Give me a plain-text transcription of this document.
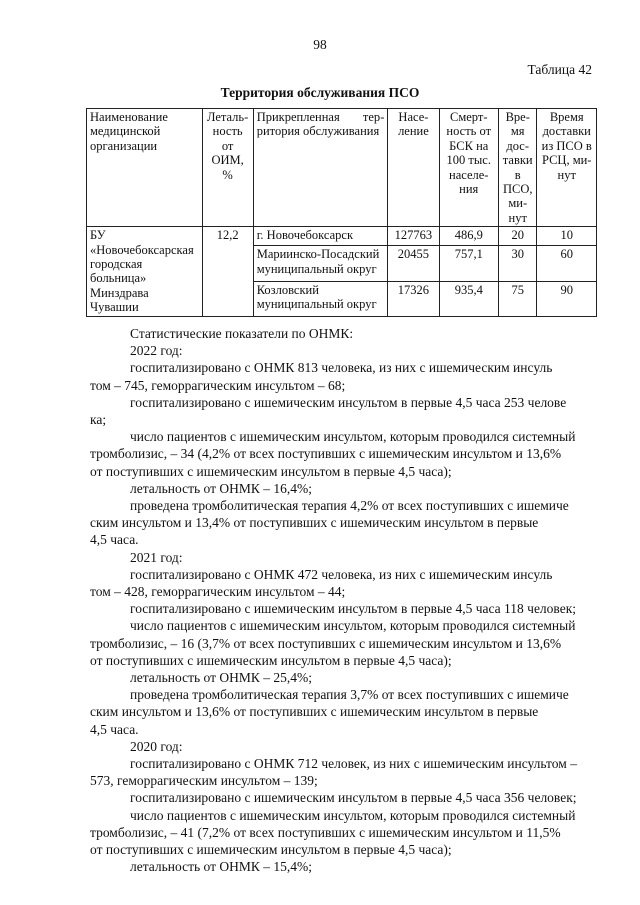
98
Таблица 42
Территория обслуживания ПСО
Наименование медицинской организации	Летальность от ОИМ, %	Прикрепленная территория обслуживания	Население	Смертность от БСК на 100 тыс. населения	Время доставки в ПСО, минут	Время доставки из ПСО в РСЦ, минут
БУ «Новочебоксарская городская больница» Минздрава Чувашии	12,2	г. Новочебоксарск	127763	486,9	20	10
		Мариинско-Посадский муниципальный округ	20455	757,1	30	60
		Козловский муниципальный округ	17326	935,4	75	90

Статистические показатели по ОНМК:

2022 год:

госпитализировано с ОНМК 813 человека, из них с ишемическим инсуль

том – 745, геморрагическим инсультом – 68;

госпитализировано с ишемическим инсультом в первые 4,5 часа 253 челове

ка;

число пациентов с ишемическим инсультом, которым проводился системный

тромболизис, – 34 (4,2% от всех поступивших с ишемическим инсультом и 13,6%

от поступивших с ишемическим инсультом в первые 4,5 часа);

летальность от ОНМК – 16,4%;

проведена тромболитическая терапия 4,2% от всех поступивших с ишемиче

ским инсультом и 13,4% от поступивших с ишемическим инсультом в первые

4,5 часа.

2021 год:

госпитализировано с ОНМК 472 человека, из них с ишемическим инсуль

том – 428, геморрагическим инсультом – 44;

госпитализировано с ишемическим инсультом в первые 4,5 часа 118 человек;

число пациентов с ишемическим инсультом, которым проводился системный

тромболизис, – 16 (3,7% от всех поступивших с ишемическим инсультом и 13,6%

от поступивших с ишемическим инсультом в первые 4,5 часа);

летальность от ОНМК – 25,4%;

проведена тромболитическая терапия 3,7% от всех поступивших с ишемиче

ским инсультом и 13,6% от поступивших с ишемическим инсультом в первые

4,5 часа.

2020 год:

госпитализировано с ОНМК 712 человек, из них с ишемическим инсультом –

573, геморрагическим инсультом – 139;

госпитализировано с ишемическим инсультом в первые 4,5 часа 356 человек;

число пациентов с ишемическим инсультом, которым проводился системный

тромболизис, – 41 (7,2% от всех поступивших с ишемическим инсультом и 11,5%

от поступивших с ишемическим инсультом в первые 4,5 часа);

летальность от ОНМК – 15,4%;
